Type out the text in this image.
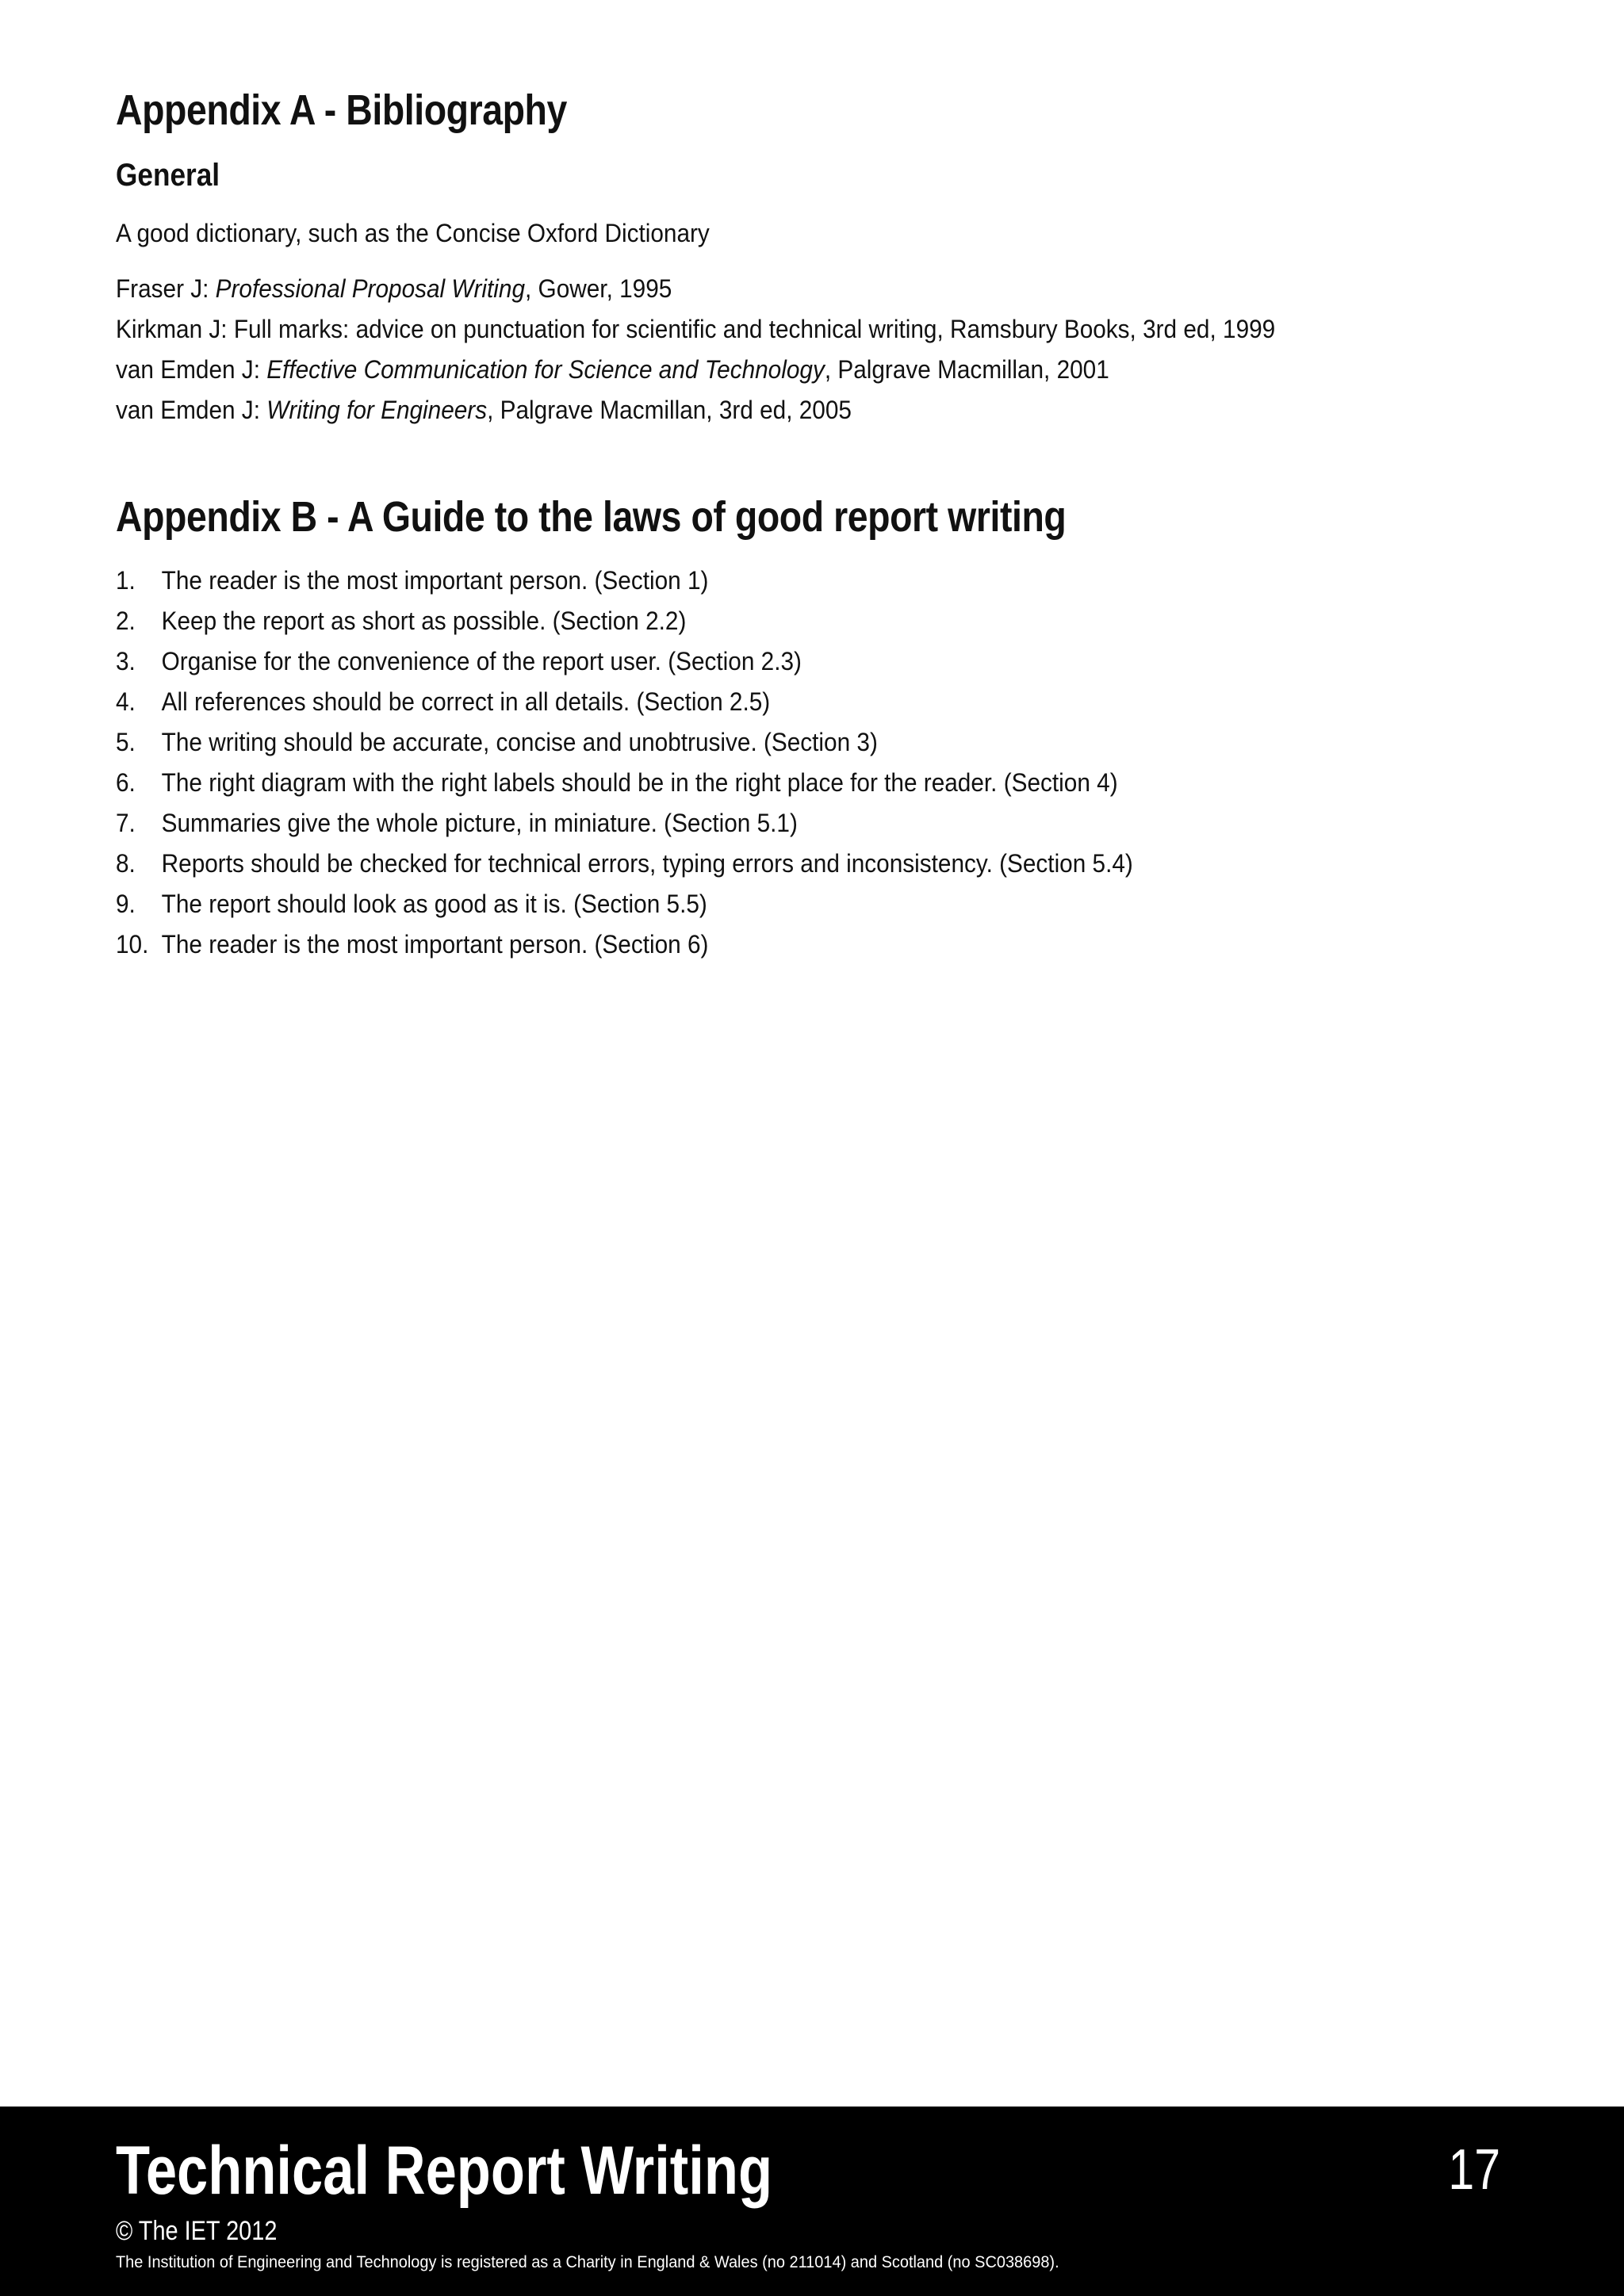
Appendix A - Bibliography
General

A good dictionary, such as the Concise Oxford Dictionary

Fraser J: Professional Proposal Writing, Gower, 1995
Kirkman J: Full marks: advice on punctuation for scientific and technical writing, Ramsbury Books, 3rd ed, 1999
van Emden J: Effective Communication for Science and Technology, Palgrave Macmillan, 2001
van Emden J: Writing for Engineers, Palgrave Macmillan, 3rd ed, 2005
Appendix B - A Guide to the laws of good report writing
1.	The reader is the most important person. (Section 1)
2.	Keep the report as short as possible. (Section 2.2)
3.	Organise for the convenience of the report user. (Section 2.3)
4.	All references should be correct in all details. (Section 2.5)
5.	The writing should be accurate, concise and unobtrusive. (Section 3)
6.	The right diagram with the right labels should be in the right place for the reader. (Section 4)
7.	Summaries give the whole picture, in miniature. (Section 5.1)
8.	Reports should be checked for technical errors, typing errors and inconsistency. (Section 5.4)
9.	The report should look as good as it is. (Section 5.5)
10. The reader is the most important person. (Section 6)
Technical Report Writing	17
© The IET 2012
The Institution of Engineering and Technology is registered as a Charity in England & Wales (no 211014) and Scotland (no SC038698).
